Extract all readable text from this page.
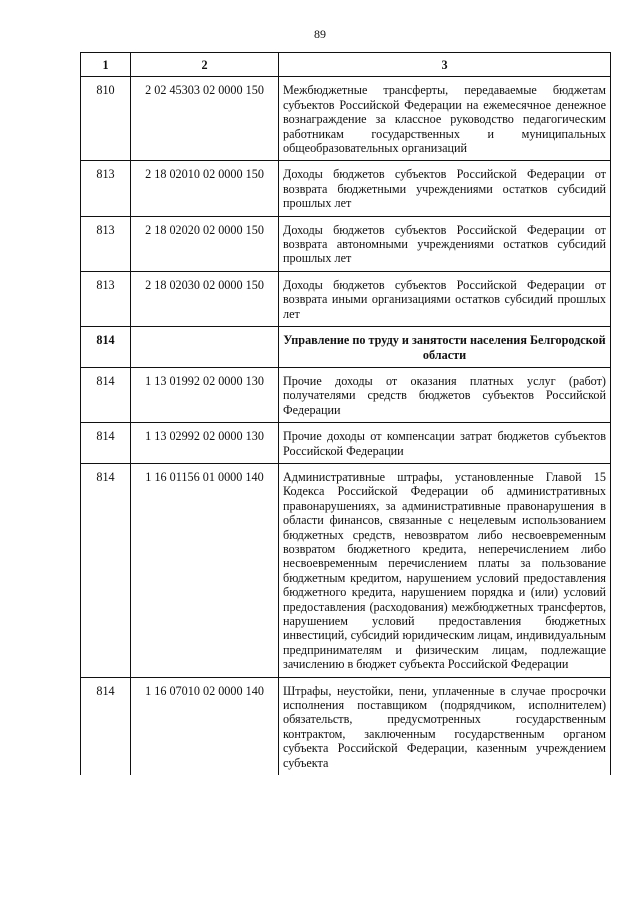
89
1	2	3
810	2 02 45303 02 0000 150	Межбюджетные трансферты, передаваемые бюджетам субъектов Российской Федерации на ежемесячное денежное вознаграждение за классное руководство педагогическим работникам государственных и муниципальных общеобразовательных организаций
813	2 18 02010 02 0000 150	Доходы бюджетов субъектов Российской Федерации от возврата бюджетными учреждениями остатков субсидий прошлых лет
813	2 18 02020 02 0000 150	Доходы бюджетов субъектов Российской Федерации от возврата автономными учреждениями остатков субсидий прошлых лет
813	2 18 02030 02 0000 150	Доходы бюджетов субъектов Российской Федерации от возврата иными организациями остатков субсидий прошлых лет
814		Управление по труду и занятости населения Белгородской области
814	1 13 01992 02 0000 130	Прочие доходы от оказания платных услуг (работ) получателями средств бюджетов субъектов Российской Федерации
814	1 13 02992 02 0000 130	Прочие доходы от компенсации затрат бюджетов субъектов Российской Федерации
814	1 16 01156 01 0000 140	Административные штрафы, установленные Главой 15 Кодекса Российской Федерации об административных правонарушениях, за административные правонарушения в области финансов, связанные с нецелевым использованием бюджетных средств, невозвратом либо несвоевременным возвратом бюджетного кредита, неперечислением либо несвоевременным перечислением платы за пользование бюджетным кредитом, нарушением условий предоставления бюджетного кредита, нарушением порядка и (или) условий предоставления (расходования) межбюджетных трансфертов, нарушением условий предоставления бюджетных инвестиций, субсидий юридическим лицам, индивидуальным предпринимателям и физическим лицам, подлежащие зачислению в бюджет субъекта Российской Федерации
814	1 16 07010 02 0000 140	Штрафы, неустойки, пени, уплаченные в случае просрочки исполнения поставщиком (подрядчиком, исполнителем) обязательств, предусмотренных государственным контрактом, заключенным государственным органом субъекта Российской Федерации, казенным учреждением субъекта
